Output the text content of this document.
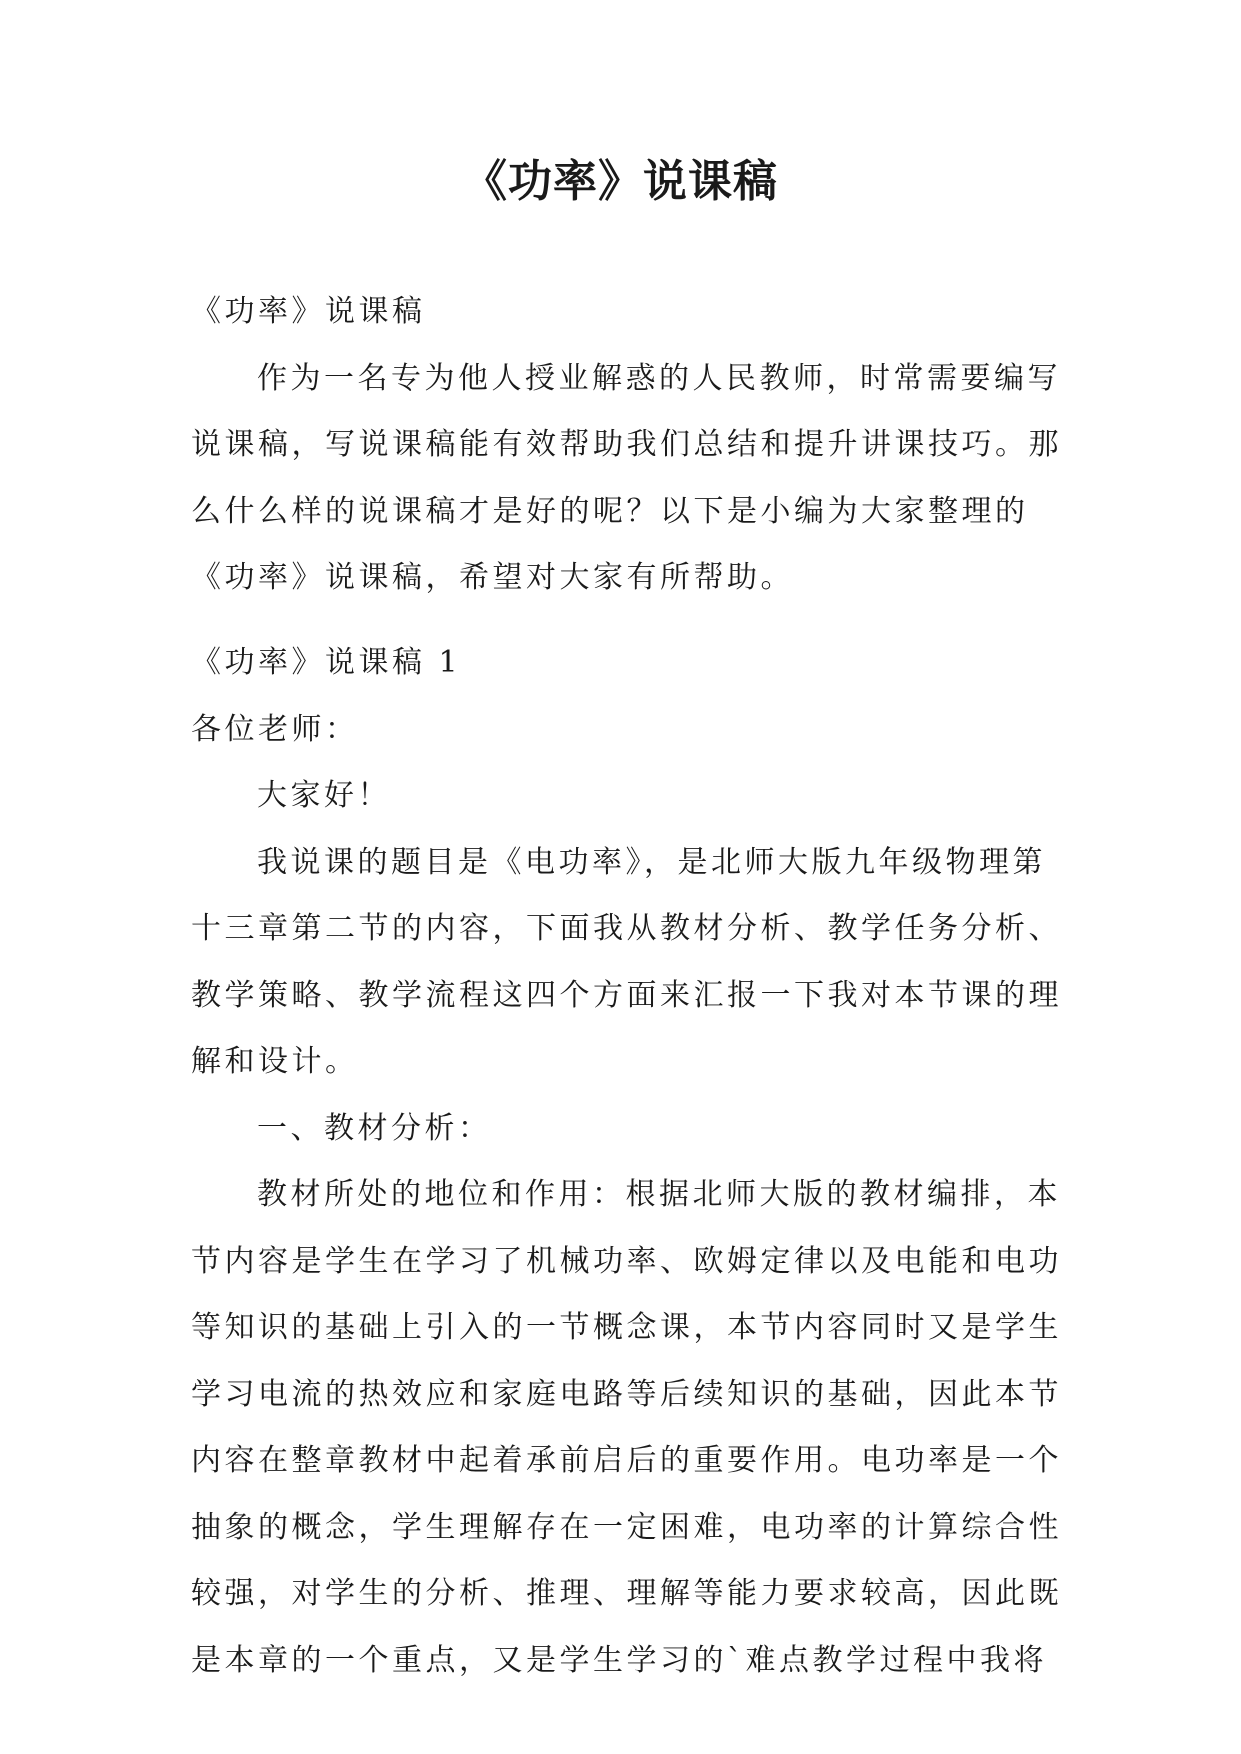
《功率》说课稿
《功率》说课稿
作为一名专为他人授业解惑的人民教师，时常需要编写
说课稿，写说课稿能有效帮助我们总结和提升讲课技巧。那
么什么样的说课稿才是好的呢？以下是小编为大家整理的
《功率》说课稿，希望对大家有所帮助。
《功率》说课稿 1
各位老师：
大家好！
我说课的题目是《电功率》，是北师大版九年级物理第
十三章第二节的内容，下面我从教材分析、教学任务分析、
教学策略、教学流程这四个方面来汇报一下我对本节课的理
解和设计。
一、教材分析：
教材所处的地位和作用：根据北师大版的教材编排，本
节内容是学生在学习了机械功率、欧姆定律以及电能和电功
等知识的基础上引入的一节概念课，本节内容同时又是学生
学习电流的热效应和家庭电路等后续知识的基础，因此本节
内容在整章教材中起着承前启后的重要作用。电功率是一个
抽象的概念，学生理解存在一定困难，电功率的计算综合性
较强，对学生的分析、推理、理解等能力要求较高，因此既
是本章的一个重点，又是学生学习的`难点教学过程中我将
